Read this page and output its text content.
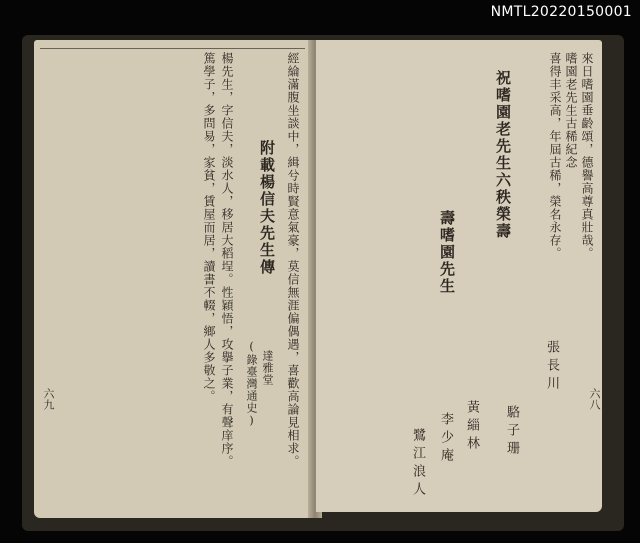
NMTL20220150001
附載楊信夫先生傳
(錄臺灣通史) 達雅堂 經綸滿腹坐談中，緝兮時賢意氣豪，莫信無涯偏偶遇，喜歡高論見相求。
楊先生，字信夫，淡水人，移居大稻埕。性穎悟，攻擧子業，有聲庠序。
篤學子，多問易，家貧，賃屋而居，讀書不輟，鄉人多敬之。
六九
來日嗜園垂齡頌，德譽高尊真壯哉。
嗜園老先生古稀紀念
喜得丰采高，年屆古稀，榮名永存。
祝嗜園老先生六秩榮壽
壽嗜園先生
張長川
駱子珊
黃緇林
李少庵
鷺江浪人
六八
